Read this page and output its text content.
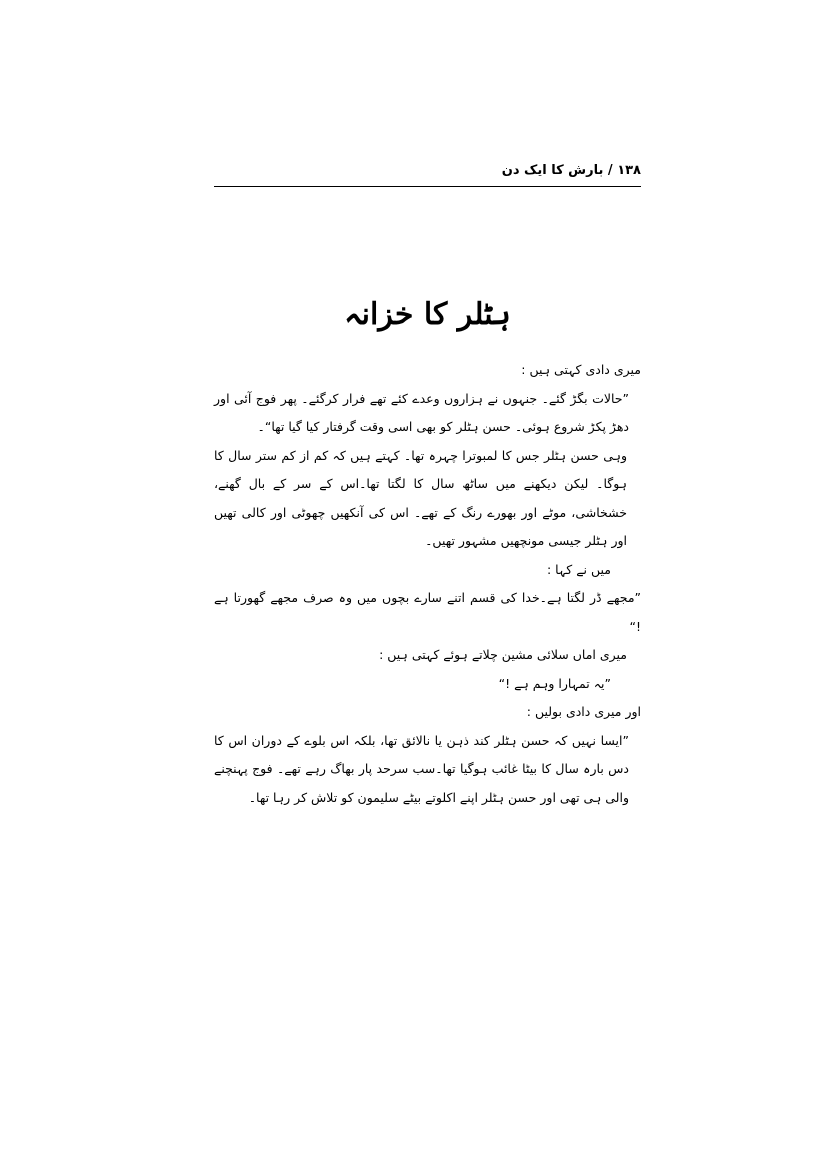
۱۳۸ / بارش کا ایک دن
ہٹلر کا خزانہ

میری دادی کہتی ہیں :

”حالات بگڑ گئے۔ جنہوں نے ہزاروں وعدے کئے تھے فرار کرگئے۔ پھر فوج آئی اور دھڑ پکڑ شروع ہوئی۔ حسن ہٹلر کو بھی اسی وقت گرفتار کیا گیا تھا“۔

وہی حسن ہٹلر جس کا لمبوترا چہرہ تھا۔ کہتے ہیں کہ کم از کم ستر سال کا ہوگا۔ لیکن دیکھنے میں ساٹھ سال کا لگتا تھا۔اس کے سر کے بال گھنے، خشخاشی، موٹے اور بھورے رنگ کے تھے۔ اس کی آنکھیں چھوٹی اور کالی تھیں اور ہٹلر جیسی مونچھیں مشہور تھیں۔

میں نے کہا :

”مجھے ڈر لگتا ہے۔خدا کی قسم اتنے سارے بچوں میں وہ صرف مجھے گھورتا ہے !“

میری اماں سلائی مشین چلاتے ہوئے کہتی ہیں :

”یہ تمہارا وہم ہے !“

اور میری دادی بولیں :

”ایسا نہیں کہ حسن ہٹلر کند ذہن یا نالائق تھا، بلکہ اس بلوے کے دوران اس کا دس بارہ سال کا بیٹا غائب ہوگیا تھا۔سب سرحد پار بھاگ رہے تھے۔ فوج پہنچنے والی ہی تھی اور حسن ہٹلر اپنے اکلوتے بیٹے سلیمون کو تلاش کر رہا تھا۔
